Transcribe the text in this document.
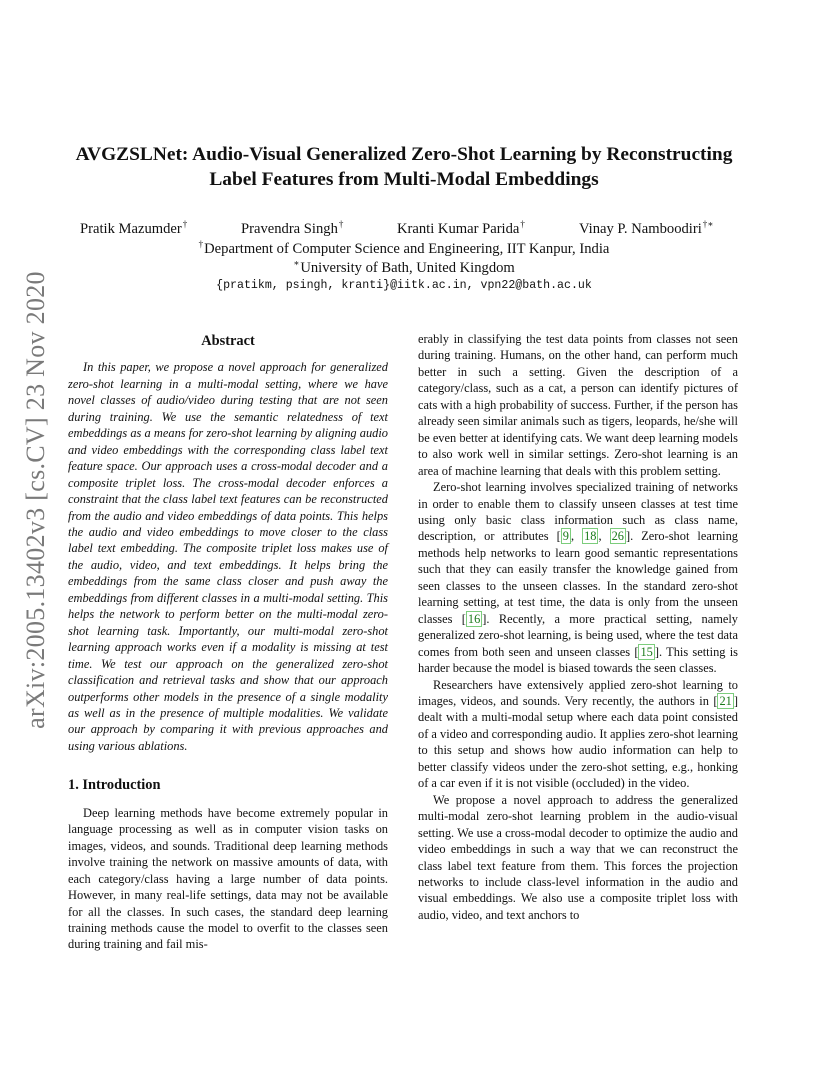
arXiv:2005.13402v3 [cs.CV] 23 Nov 2020
AVGZSLNet: Audio-Visual Generalized Zero-Shot Learning by Reconstructing
Label Features from Multi-Modal Embeddings
Pratik Mazumder†	Pravendra Singh†	Kranti Kumar Parida†	Vinay P. Namboodiri†∗
†Department of Computer Science and Engineering, IIT Kanpur, India
∗University of Bath, United Kingdom
{pratikm, psingh, kranti}@iitk.ac.in, vpn22@bath.ac.uk
Abstract

In this paper, we propose a novel approach for generalized zero-shot learning in a multi-modal setting, where we have novel classes of audio/video during testing that are not seen during training. We use the semantic relatedness of text embeddings as a means for zero-shot learning by aligning audio and video embeddings with the corresponding class label text feature space. Our approach uses a cross-modal decoder and a composite triplet loss. The cross-modal decoder enforces a constraint that the class label text features can be reconstructed from the audio and video embeddings of data points. This helps the audio and video embeddings to move closer to the class label text embedding. The composite triplet loss makes use of the audio, video, and text embeddings. It helps bring the embeddings from the same class closer and push away the embeddings from different classes in a multi-modal setting. This helps the network to perform better on the multi-modal zero-shot learning task. Importantly, our multi-modal zero-shot learning approach works even if a modality is missing at test time. We test our approach on the generalized zero-shot classification and retrieval tasks and show that our approach outperforms other models in the presence of a single modality as well as in the presence of multiple modalities. We validate our approach by comparing it with previous approaches and using various ablations.

1. Introduction

Deep learning methods have become extremely popular in language processing as well as in computer vision tasks on images, videos, and sounds. Traditional deep learning methods involve training the network on massive amounts of data, with each category/class having a large number of data points. However, in many real-life settings, data may not be available for all the classes. In such cases, the standard deep learning training methods cause the model to overfit to the classes seen during training and fail mis-

erably in classifying the test data points from classes not seen during training. Humans, on the other hand, can perform much better in such a setting. Given the description of a category/class, such as a cat, a person can identify pictures of cats with a high probability of success. Further, if the person has already seen similar animals such as tigers, leopards, he/she will be even better at identifying cats. We want deep learning models to also work well in similar settings. Zero-shot learning is an area of machine learning that deals with this problem setting.

Zero-shot learning involves specialized training of networks in order to enable them to classify unseen classes at test time using only basic class information such as class name, description, or attributes [ 9 , 18 , 26 ]. Zero-shot learning methods help networks to learn good semantic representations such that they can easily transfer the knowledge gained from seen classes to the unseen classes. In the standard zero-shot learning setting, at test time, the data is only from the unseen classes [ 16 ]. Recently, a more practical setting, namely generalized zero-shot learning, is being used, where the test data comes from both seen and unseen classes [ 15 ]. This setting is harder because the model is biased towards the seen classes.

Researchers have extensively applied zero-shot learning to images, videos, and sounds. Very recently, the authors in [ 21 ] dealt with a multi-modal setup where each data point consisted of a video and corresponding audio. It applies zero-shot learning to this setup and shows how audio information can help to better classify videos under the zero-shot setting, e.g., honking of a car even if it is not visible (occluded) in the video.

We propose a novel approach to address the generalized multi-modal zero-shot learning problem in the audio-visual setting. We use a cross-modal decoder to optimize the audio and video embeddings in such a way that we can reconstruct the class label text feature from them. This forces the projection networks to include class-level information in the audio and visual embeddings. We also use a composite triplet loss with audio, video, and text anchors to
